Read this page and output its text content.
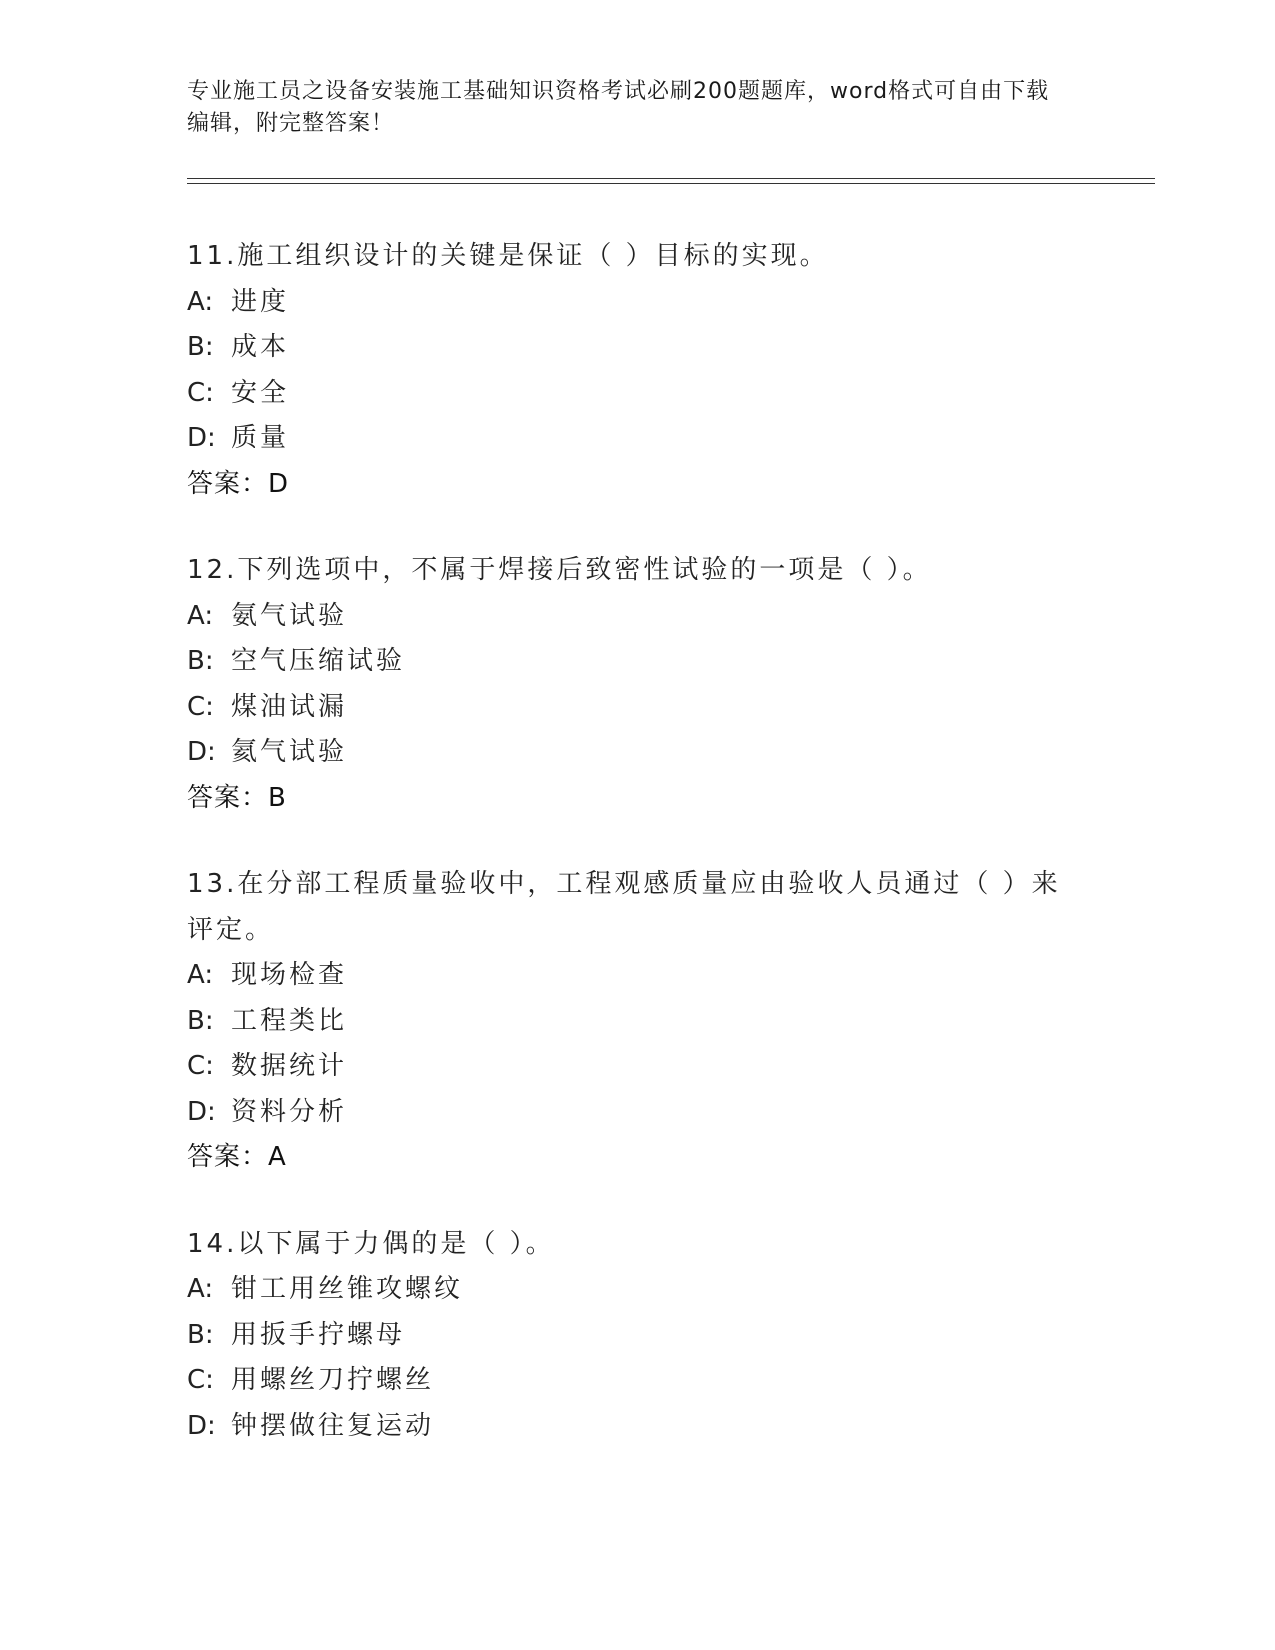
专业施工员之设备安装施工基础知识资格考试必刷200题题库，word格式可自由下载编辑，附完整答案！
11.施工组织设计的关键是保证（ ）目标的实现。
A: 进度
B: 成本
C: 安全
D: 质量
答案：D
12.下列选项中，不属于焊接后致密性试验的一项是（ ）。
A: 氨气试验
B: 空气压缩试验
C: 煤油试漏
D: 氦气试验
答案：B
13.在分部工程质量验收中，工程观感质量应由验收人员通过（ ）来评定。
A: 现场检查
B: 工程类比
C: 数据统计
D: 资料分析
答案：A
14.以下属于力偶的是（ ）。
A: 钳工用丝锥攻螺纹
B: 用扳手拧螺母
C: 用螺丝刀拧螺丝
D: 钟摆做往复运动
